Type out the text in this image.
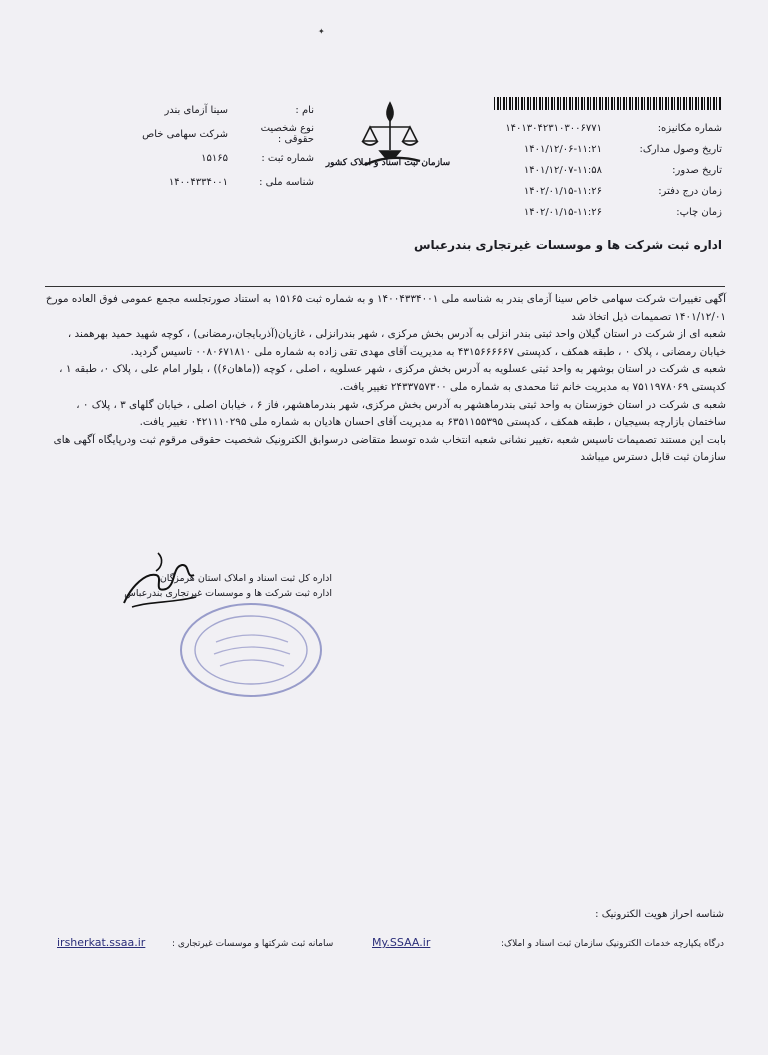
✦
شماره مکانیزه:
۱۴۰۱۳۰۴۲۳۱۰۳۰۰۶۷۷۱
تاریخ وصول مدارک:
۱۴۰۱/۱۲/۰۶-۱۱:۲۱
تاریخ صدور:
۱۴۰۱/۱۲/۰۷-۱۱:۵۸
زمان درج دفتر:
۱۴۰۲/۰۱/۱۵-۱۱:۲۶
زمان چاپ:
۱۴۰۲/۰۱/۱۵-۱۱:۲۶
سازمان ثبت اسناد و املاک کشور
نام :
سینا آزمای بندر
نوع شخصیت حقوقی :
شرکت سهامی خاص
شماره ثبت :
۱۵۱۶۵
شناسه ملی :
۱۴۰۰۴۳۳۴۰۰۱
اداره ثبت شرکت ها و موسسات غیرتجاری بندرعباس

آگهی تغییرات شرکت سهامی خاص سینا آزمای بندر به شناسه ملی ۱۴۰۰۴۳۳۴۰۰۱ و به شماره ثبت ۱۵۱۶۵ به استناد صورتجلسه مجمع عمومی فوق العاده مورخ ۱۴۰۱/۱۲/۰۱ تصمیمات ذیل اتخاذ شد

شعبه ای از شرکت در استان گیلان واحد ثبتی بندر انزلی به آدرس بخش مرکزی ، شهر بندرانزلی ، غازیان(آذربایجان،رمضانی) ، کوچه شهید حمید بهرهمند ، خیابان رمضانی ، پلاک ۰ ، طبقه همکف ، کدپستی ۴۳۱۵۶۶۶۶۶۷ به مدیریت آقای مهدی تقی زاده به شماره ملی ۰۰۸۰۶۷۱۸۱۰ تاسیس گردید.

شعبه ی شرکت در استان بوشهر به واحد ثبتی عسلویه به آدرس بخش مرکزی ، شهر عسلویه ، اصلی ، کوچه ((ماهان۶)) ، بلوار امام علی ، پلاک ۰، طبقه ۱ ، کدپستی ۷۵۱۱۹۷۸۰۶۹ به مدیریت خانم ثنا محمدی به شماره ملی ۲۴۳۳۷۵۷۳۰۰ تغییر یافت.

شعبه ی شرکت در استان خوزستان به واحد ثبتی بندرماهشهر به آدرس بخش مرکزی، شهر بندرماهشهر، فاز ۶ ، خیابان اصلی ، خیابان گلهای ۳ ، پلاک ۰ ، ساختمان بازارچه بسیجیان ، طبقه همکف ، کدپستی ۶۳۵۱۱۵۵۳۹۵ به مدیریت آقای احسان هادیان به شماره ملی ۰۴۲۱۱۱۰۲۹۵ تغییر یافت.

بابت این مستند تصمیمات تاسیس شعبه ،تغییر نشانی شعبه انتخاب شده توسط متقاضی درسوابق الکترونیک شخصیت حقوقی مرقوم ثبت ودرپایگاه آگهی های سازمان ثبت قابل دسترس میباشد

اداره کل ثبت اسناد و املاک استان هرمزگان
اداره ثبت شرکت ها و موسسات غیرتجاری بندرعباس
شناسه احراز هویت الکترونیک :
درگاه یکپارچه خدمات الکترونیک سازمان ثبت اسناد و املاک:
My.SSAA.ir
سامانه ثبت شرکتها و موسسات غیرتجاری :
irsherkat.ssaa.ir
